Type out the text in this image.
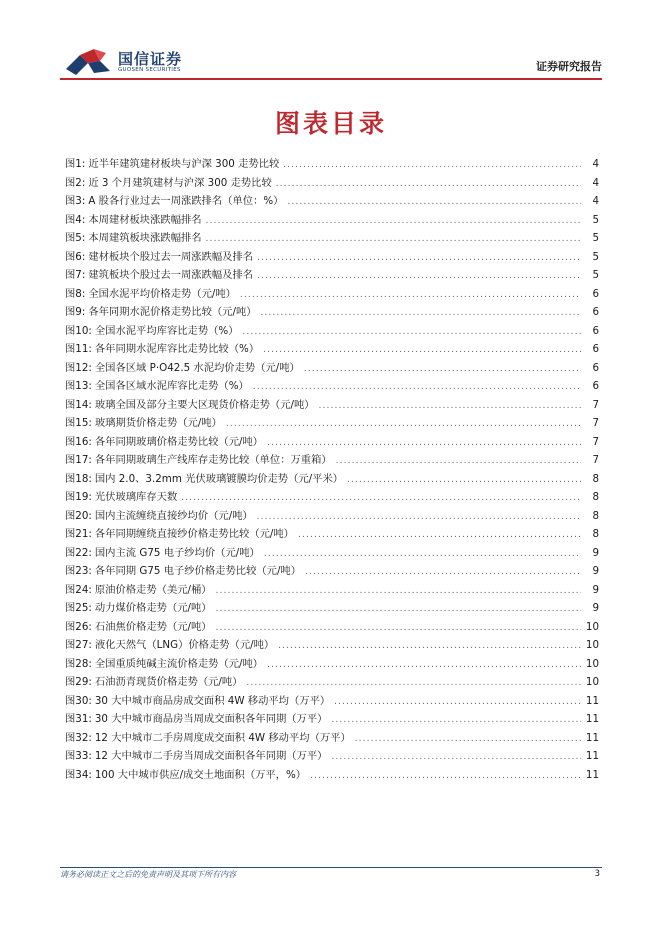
国信证券
GUOSEN SECURITIES	证券研究报告
图表目录
图1: 近半年建筑建材板块与沪深 300 走势比较 .....	4
图2: 近 3 个月建筑建材与沪深 300 走势比较 .....	4
图3: A 股各行业过去一周涨跌排名（单位：%） .....	4
图4: 本周建材板块涨跌幅排名 .....	5
图5: 本周建筑板块涨跌幅排名 .....	5
图6: 建材板块个股过去一周涨跌幅及排名 .....	5
图7: 建筑板块个股过去一周涨跌幅及排名 .....	5
图8: 全国水泥平均价格走势（元/吨） .....	6
图9: 各年同期水泥价格走势比较（元/吨） .....	6
图10: 全国水泥平均库容比走势（%） .....	6
图11: 各年同期水泥库容比走势比较（%） .....	6
图12: 全国各区域 P·O42.5 水泥均价走势（元/吨） .....	6
图13: 全国各区域水泥库容比走势（%） .....	6
图14: 玻璃全国及部分主要大区现货价格走势（元/吨） .....	7
图15: 玻璃期货价格走势（元/吨） .....	7
图16: 各年同期玻璃价格走势比较（元/吨） .....	7
图17: 各年同期玻璃生产线库存走势比较（单位：万重箱） .....	7
图18: 国内 2.0、3.2mm 光伏玻璃镀膜均价走势（元/平米） .....	8
图19: 光伏玻璃库存天数 .....	8
图20: 国内主流缠绕直接纱均价（元/吨） .....	8
图21: 各年同期缠绕直接纱价格走势比较（元/吨） .....	8
图22: 国内主流 G75 电子纱均价（元/吨） .....	9
图23: 各年同期 G75 电子纱价格走势比较（元/吨） .....	9
图24: 原油价格走势（美元/桶） .....	9
图25: 动力煤价格走势（元/吨） .....	9
图26: 石油焦价格走势（元/吨） .....	10
图27: 液化天然气（LNG）价格走势（元/吨） .....	10
图28: 全国重质纯碱主流价格走势（元/吨） .....	10
图29: 石油沥青现货价格走势（元/吨） .....	10
图30: 30 大中城市商品房成交面积 4W 移动平均（万平） .....	11
图31: 30 大中城市商品房当周成交面积各年同期（万平） .....	11
图32: 12 大中城市二手房周度成交面积 4W 移动平均（万平） .....	11
图33: 12 大中城市二手房当周成交面积各年同期（万平） .....	11
图34: 100 大中城市供应/成交土地面积（万平，%） .....	11
请务必阅读正文之后的免责声明及其项下所有内容	3
